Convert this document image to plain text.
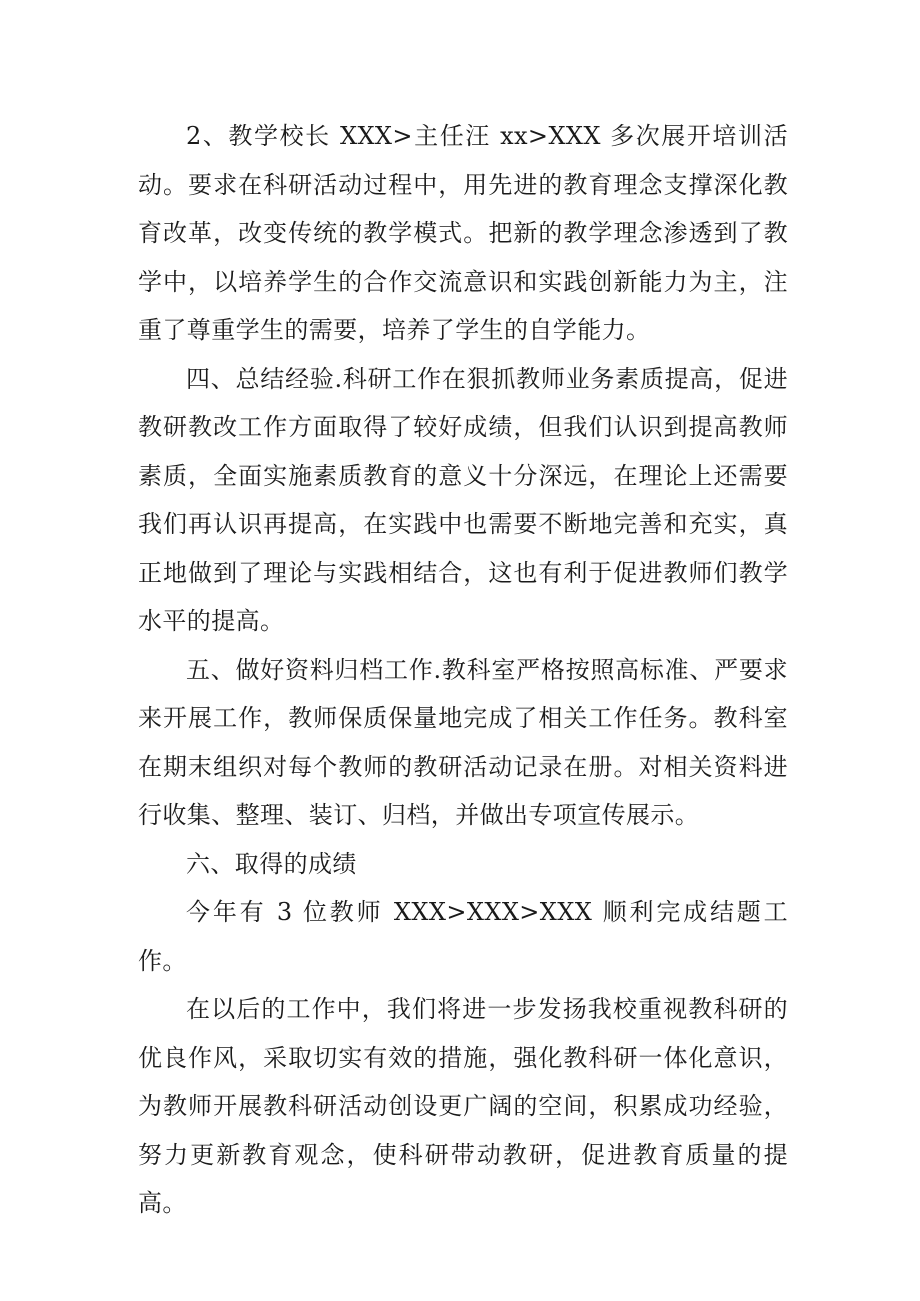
2、教学校长 XXX>主任汪 xx>XXX 多次展开培训活动。要求在科研活动过程中，用先进的教育理念支撑深化教育改革，改变传统的教学模式。把新的教学理念渗透到了教学中，以培养学生的合作交流意识和实践创新能力为主，注重了尊重学生的需要，培养了学生的自学能力。

四、总结经验.科研工作在狠抓教师业务素质提高，促进教研教改工作方面取得了较好成绩，但我们认识到提高教师素质，全面实施素质教育的意义十分深远，在理论上还需要我们再认识再提高，在实践中也需要不断地完善和充实，真正地做到了理论与实践相结合，这也有利于促进教师们教学水平的提高。

五、做好资料归档工作.教科室严格按照高标准、严要求来开展工作，教师保质保量地完成了相关工作任务。教科室在期末组织对每个教师的教研活动记录在册。对相关资料进行收集、整理、装订、归档，并做出专项宣传展示。

六、取得的成绩

今年有 3 位教师 XXX>XXX>XXX 顺利完成结题工作。

在以后的工作中，我们将进一步发扬我校重视教科研的优良作风，采取切实有效的措施，强化教科研一体化意识，为教师开展教科研活动创设更广阔的空间，积累成功经验，努力更新教育观念，使科研带动教研，促进教育质量的提高。
